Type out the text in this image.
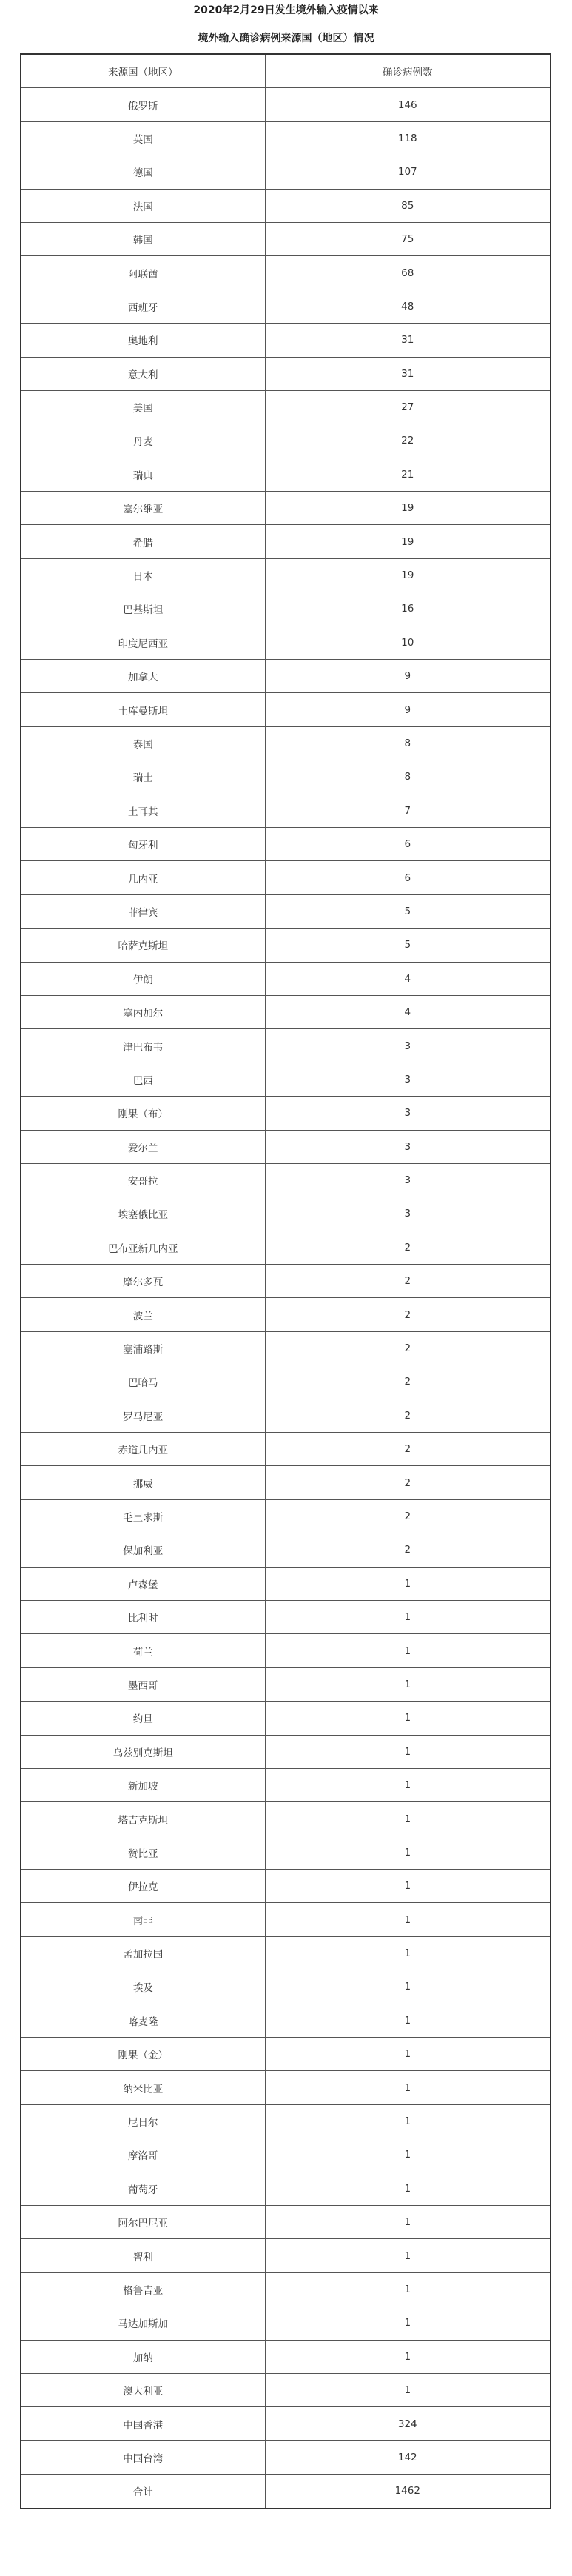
2020年2月29日发生境外输入疫情以来
境外输入确诊病例来源国（地区）情况
来源国（地区）	确诊病例数
俄罗斯	146
英国	118
德国	107
法国	85
韩国	75
阿联酋	68
西班牙	48
奥地利	31
意大利	31
美国	27
丹麦	22
瑞典	21
塞尔维亚	19
希腊	19
日本	19
巴基斯坦	16
印度尼西亚	10
加拿大	9
土库曼斯坦	9
泰国	8
瑞士	8
土耳其	7
匈牙利	6
几内亚	6
菲律宾	5
哈萨克斯坦	5
伊朗	4
塞内加尔	4
津巴布韦	3
巴西	3
刚果（布）	3
爱尔兰	3
安哥拉	3
埃塞俄比亚	3
巴布亚新几内亚	2
摩尔多瓦	2
波兰	2
塞浦路斯	2
巴哈马	2
罗马尼亚	2
赤道几内亚	2
挪威	2
毛里求斯	2
保加利亚	2
卢森堡	1
比利时	1
荷兰	1
墨西哥	1
约旦	1
乌兹别克斯坦	1
新加坡	1
塔吉克斯坦	1
赞比亚	1
伊拉克	1
南非	1
孟加拉国	1
埃及	1
喀麦隆	1
刚果（金）	1
纳米比亚	1
尼日尔	1
摩洛哥	1
葡萄牙	1
阿尔巴尼亚	1
智利	1
格鲁吉亚	1
马达加斯加	1
加纳	1
澳大利亚	1
中国香港	324
中国台湾	142
合计	1462
